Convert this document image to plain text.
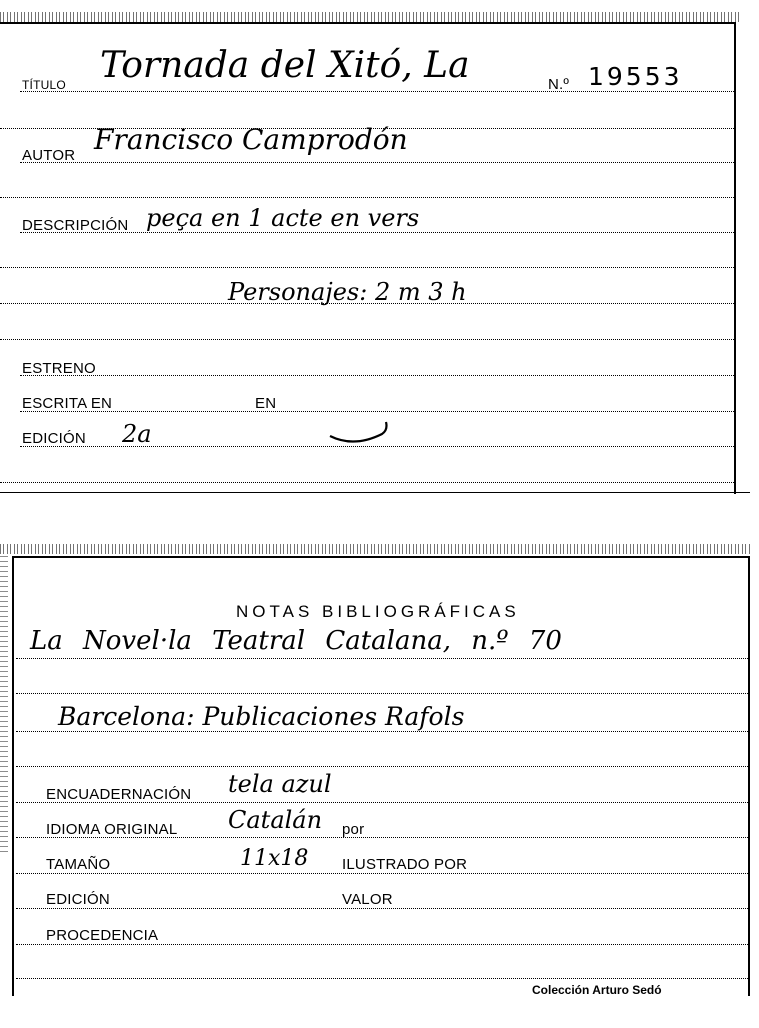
TÍTULO Tornada del Xitó, La	N.º 19553
AUTOR Francisco Camprodón
DESCRIPCIÓN peça en 1 acte en vers
Personajes: 2 m 3 h
ESTRENO
ESCRITA EN	EN
EDICIÓN 2a
NOTAS BIBLIOGRÁFICAS
La Novel·la Teatral Catalana, n.º 70
Barcelona: Publicaciones Rafols
ENCUADERNACIÓN tela azul
IDIOMA ORIGINAL Catalán por
TAMAÑO	11x18 ILUSTRADO POR
EDICIÓN	VALOR
PROCEDENCIA
Colección Arturo Sedó
